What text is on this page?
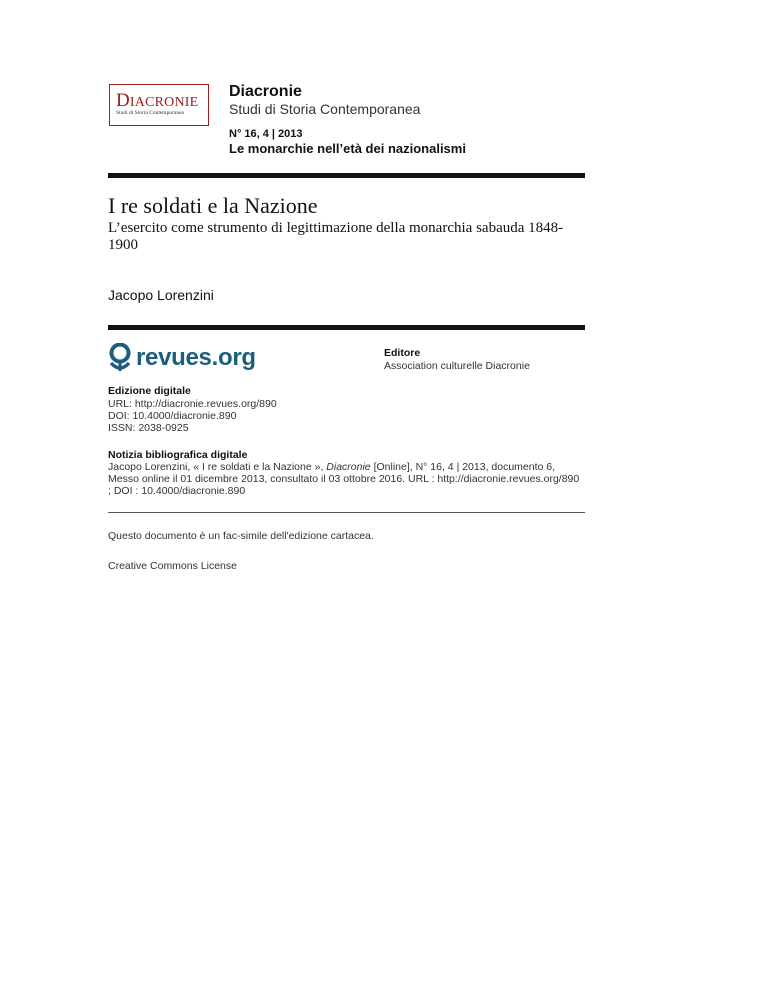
DIACRONIE
Studi di Storia Contemporanea
Diacronie
Studi di Storia Contemporanea
N° 16, 4 | 2013
Le monarchie nell’età dei nazionalismi
I re soldati e la Nazione
L’esercito come strumento di legittimazione della monarchia sabauda 1848-1900
Jacopo Lorenzini
revues.org	Editore
Association culturelle Diacronie
Edizione digitale
URL: http://diacronie.revues.org/890
DOI: 10.4000/diacronie.890
ISSN: 2038-0925
Notizia bibliografica digitale
Jacopo Lorenzini, « I re soldati e la Nazione », Diacronie [Online], N° 16, 4 | 2013, documento 6, Messo online il 01 dicembre 2013, consultato il 03 ottobre 2016. URL : http://diacronie.revues.org/890 ; DOI : 10.4000/diacronie.890
Questo documento è un fac-simile dell'edizione cartacea.
Creative Commons License
